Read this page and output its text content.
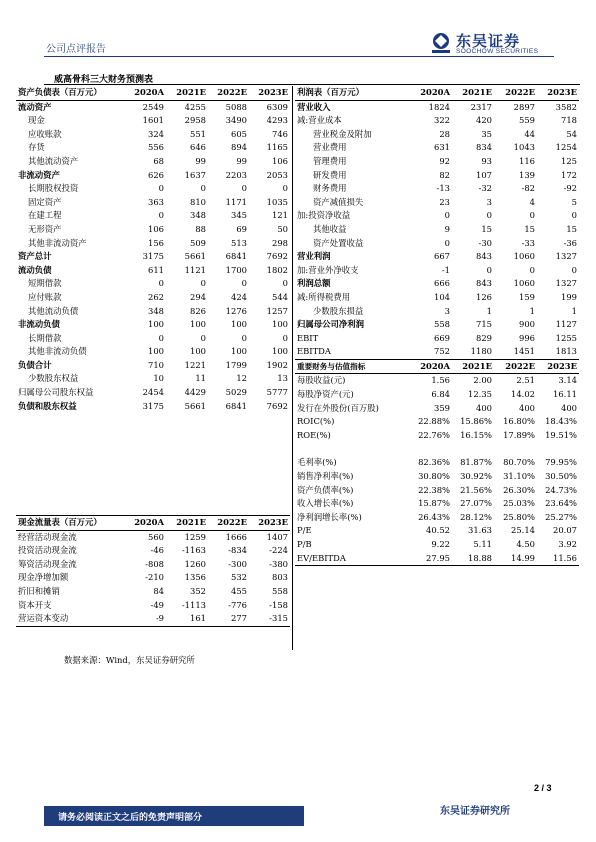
公司点评报告	东吴证券
SOOCHOW SECURITIES
威高骨科三大财务预测表
资产负债表（百万元）	2020A	2021E	2022E	2023E
流动资产	2549	4255	5088	6309
现金	1601	2958	3490	4293
应收账款	324	551	605	746
存货	556	646	894	1165
其他流动资产	68	99	99	106
非流动资产	626	1637	2203	2053
长期股权投资	0	0	0	0
固定资产	363	810	1171	1035
在建工程	0	348	345	121
无形资产	106	88	69	50
其他非流动资产	156	509	513	298
资产总计	3175	5661	6841	7692
流动负债	611	1121	1700	1802
短期借款	0	0	0	0
应付账款	262	294	424	544
其他流动负债	348	826	1276	1257
非流动负债	100	100	100	100
长期借款	0	0	0	0
其他非流动负债	100	100	100	100
负债合计	710	1221	1799	1902
少数股东权益	10	11	12	13
归属母公司股东权益	2454	4429	5029	5777
负债和股东权益	3175	5661	6841	7692
利润表（百万元）	2020A	2021E	2022E	2023E
营业收入	1824	2317	2897	3582
减:营业成本	322	420	559	718
营业税金及附加	28	35	44	54
营业费用	631	834	1043	1254
管理费用	92	93	116	125
研发费用	82	107	139	172
财务费用	-13	-32	-82	-92
资产减值损失	23	3	4	5
加:投资净收益	0	0	0	0
其他收益	9	15	15	15
资产处置收益	0	-30	-33	-36
营业利润	667	843	1060	1327
加:营业外净收支	-1	0	0	0
利润总额	666	843	1060	1327
减:所得税费用	104	126	159	199
少数股东损益	3	1	1	1
归属母公司净利润	558	715	900	1127
EBIT	669	829	996	1255
EBITDA	752	1180	1451	1813
重要财务与估值指标	2020A	2021E	2022E	2023E
每股收益(元)	1.56	2.00	2.51	3.14
每股净资产(元)	6.84	12.35	14.02	16.11
发行在外股份(百万股)	359	400	400	400
ROIC(%)	22.88%	15.86%	16.80%	18.43%
ROE(%)	22.76%	16.15%	17.89%	19.51%

毛利率(%)	82.36%	81.87%	80.70%	79.95%
销售净利率(%)	30.80%	30.92%	31.10%	30.50%
资产负债率(%)	22.38%	21.56%	26.30%	24.73%
收入增长率(%)	15.87%	27.07%	25.03%	23.64%
净利润增长率(%)	26.43%	28.12%	25.80%	25.27%
P/E	40.52	31.63	25.14	20.07
P/B	9.22	5.11	4.50	3.92
EV/EBITDA	27.95	18.88	14.99	11.56
现金流量表（百万元）	2020A	2021E	2022E	2023E
经营活动现金流	560	1259	1666	1407
投资活动现金流	-46	-1163	-834	-224
筹资活动现金流	-808	1260	-300	-380
现金净增加额	-210	1356	532	803
折旧和摊销	84	352	455	558
资本开支	-49	-1113	-776	-158
营运资本变动	-9	161	277	-315
数据来源：Wind，东吴证券研究所
2 / 3
请务必阅读正文之后的免责声明部分
东吴证券研究所
